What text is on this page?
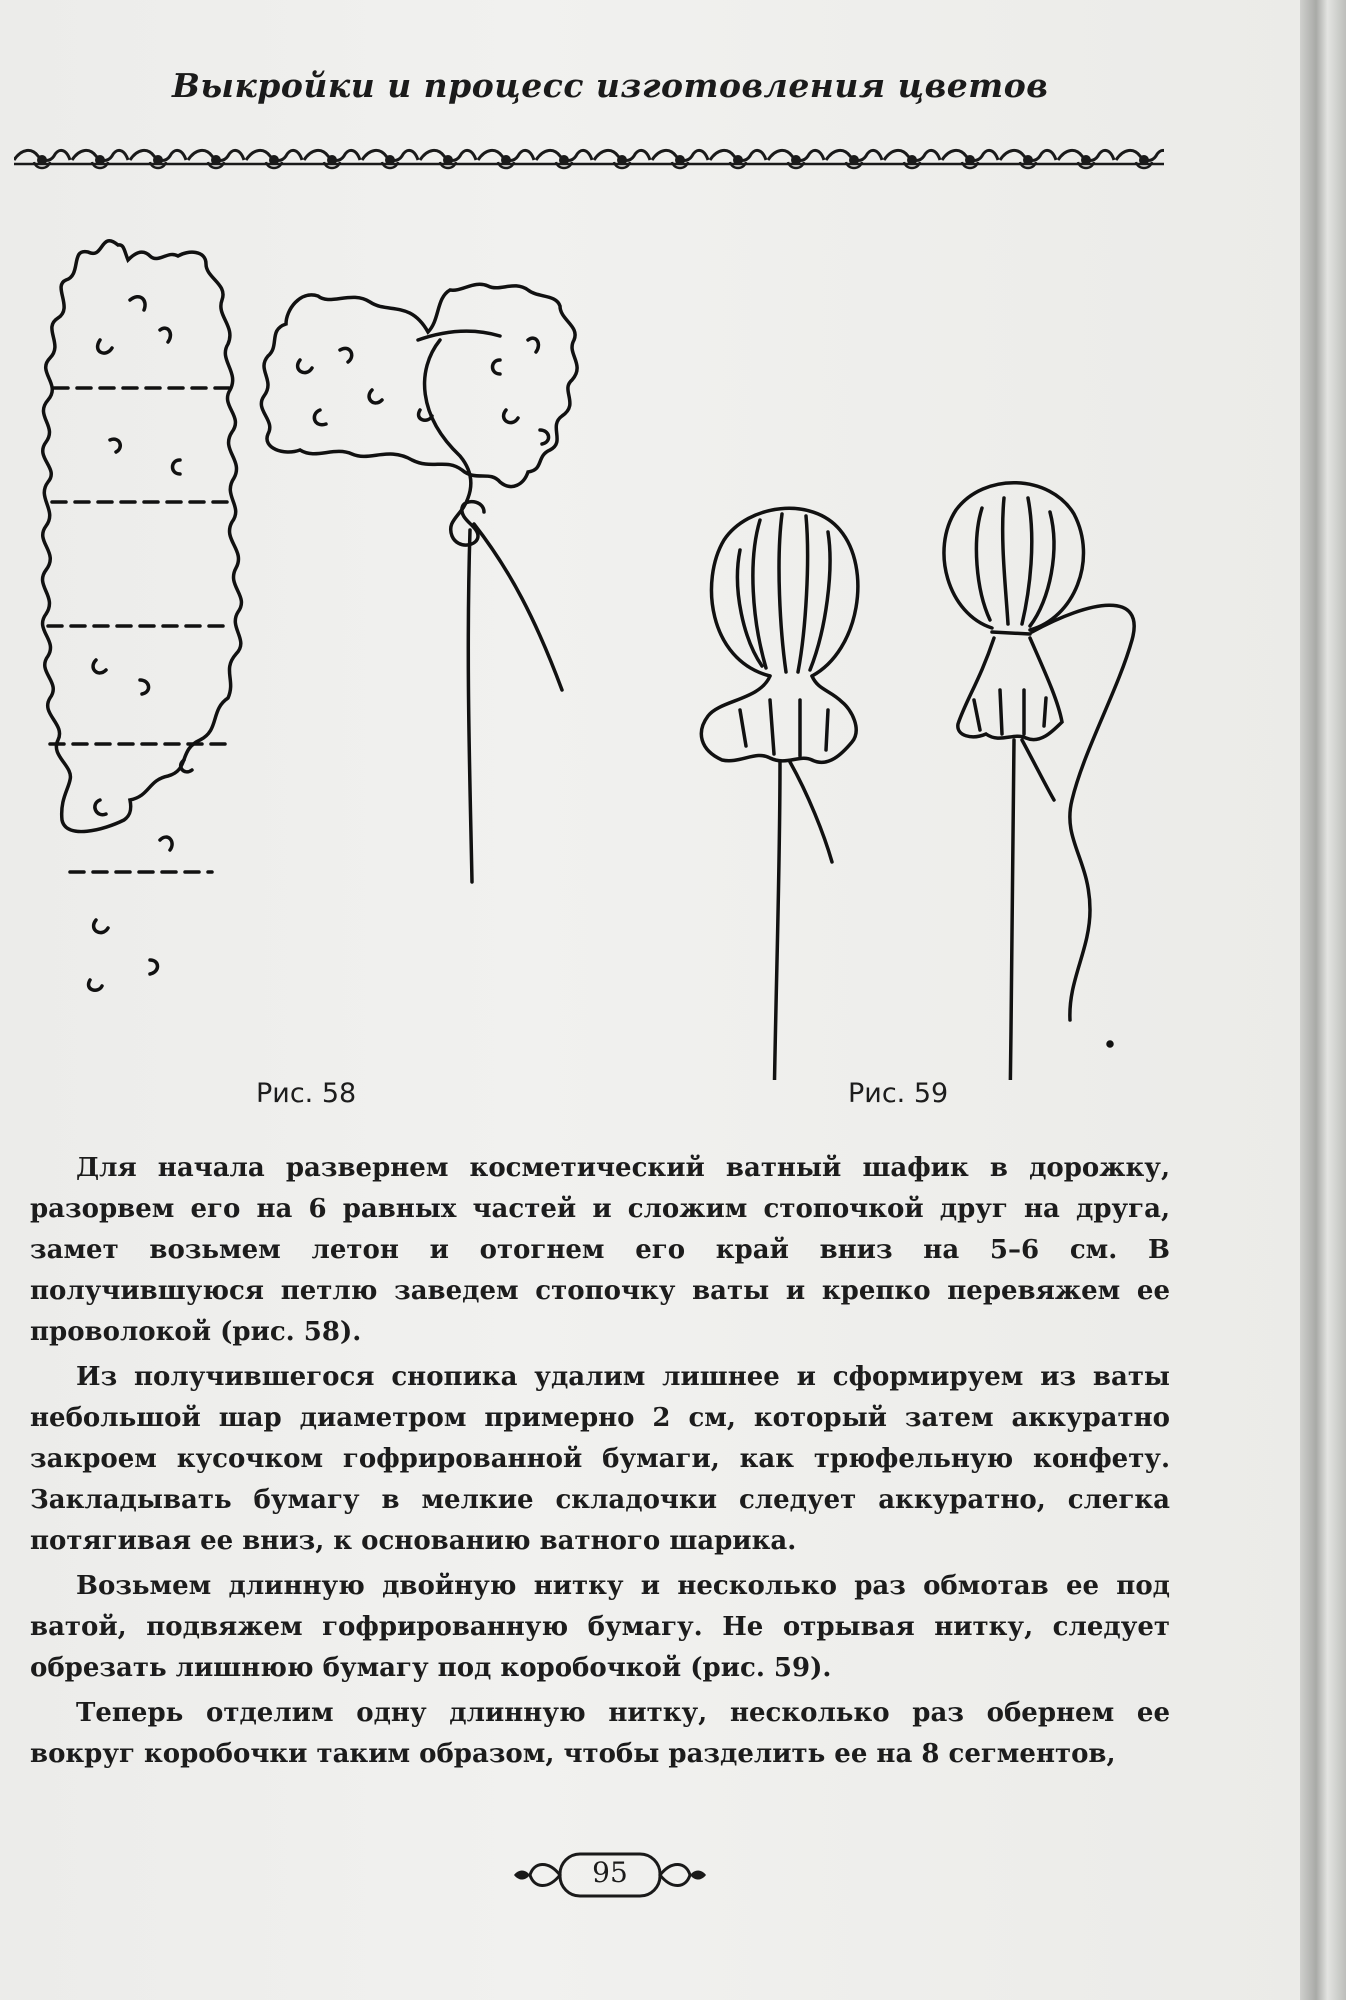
Выкройки и процесс изготовления цветов
Рис. 58	Рис. 59

Для начала развернем косметический ватный шафик в дорожку, разорвем его на 6 равных частей и сложим стопочкой друг на друга, замет возьмем летон и отогнем его край вниз на 5–6 см. В получившуюся петлю заведем стопочку ваты и крепко перевяжем ее проволокой (рис. 58).

Из получившегося снопика удалим лишнее и сформируем из ваты небольшой шар диаметром примерно 2 см, который затем аккуратно закроем кусочком гофрированной бумаги, как трюфельную конфету. Закладывать бумагу в мелкие складочки следует аккуратно, слегка потягивая ее вниз, к основанию ватного шарика.

Возьмем длинную двойную нитку и несколько раз обмотав ее под ватой, подвяжем гофрированную бумагу. Не отрывая нитку, следует обрезать лишнюю бумагу под коробочкой (рис. 59).

Теперь отделим одну длинную нитку, несколько раз обернем ее вокруг коробочки таким образом, чтобы разделить ее на 8 сегментов,

95
